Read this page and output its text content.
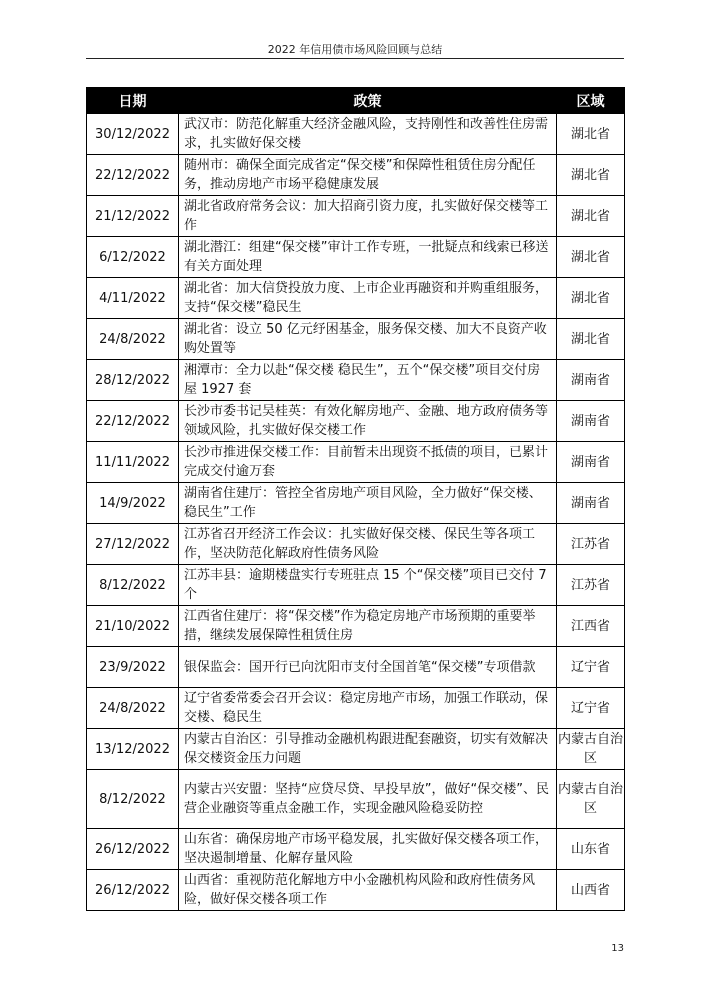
2022 年信用债市场风险回顾与总结
日期	政策	区域
30/12/2022	武汉市：防范化解重大经济金融风险，支持刚性和改善性住房需求，扎实做好保交楼	湖北省
22/12/2022	随州市：确保全面完成省定“保交楼”和保障性租赁住房分配任务，推动房地产市场平稳健康发展	湖北省
21/12/2022	湖北省政府常务会议：加大招商引资力度，扎实做好保交楼等工作	湖北省
6/12/2022	湖北潜江：组建“保交楼”审计工作专班，一批疑点和线索已移送有关方面处理	湖北省
4/11/2022	湖北省：加大信贷投放力度、上市企业再融资和并购重组服务，支持“保交楼”稳民生	湖北省
24/8/2022	湖北省：设立 50 亿元纾困基金，服务保交楼、加大不良资产收购处置等	湖北省
28/12/2022	湘潭市：全力以赴“保交楼 稳民生”，五个“保交楼”项目交付房屋 1927 套	湖南省
22/12/2022	长沙市委书记吴桂英：有效化解房地产、金融、地方政府债务等领域风险，扎实做好保交楼工作	湖南省
11/11/2022	长沙市推进保交楼工作：目前暂未出现资不抵债的项目，已累计完成交付逾万套	湖南省
14/9/2022	湖南省住建厅：管控全省房地产项目风险，全力做好“保交楼、稳民生”工作	湖南省
27/12/2022	江苏省召开经济工作会议：扎实做好保交楼、保民生等各项工作，坚决防范化解政府性债务风险	江苏省
8/12/2022	江苏丰县：逾期楼盘实行专班驻点 15 个“保交楼”项目已交付 7 个	江苏省
21/10/2022	江西省住建厅：将“保交楼”作为稳定房地产市场预期的重要举措，继续发展保障性租赁住房	江西省
23/9/2022	银保监会：国开行已向沈阳市支付全国首笔“保交楼”专项借款	辽宁省
24/8/2022	辽宁省委常委会召开会议：稳定房地产市场，加强工作联动，保交楼、稳民生	辽宁省
13/12/2022	内蒙古自治区：引导推动金融机构跟进配套融资，切实有效解决保交楼资金压力问题	内蒙古自治区
8/12/2022	内蒙古兴安盟：坚持“应贷尽贷、早投早放”，做好“保交楼”、民营企业融资等重点金融工作，实现金融风险稳妥防控	内蒙古自治区
26/12/2022	山东省：确保房地产市场平稳发展，扎实做好保交楼各项工作，坚决遏制增量、化解存量风险	山东省
26/12/2022	山西省：重视防范化解地方中小金融机构风险和政府性债务风险，做好保交楼各项工作	山西省
13
